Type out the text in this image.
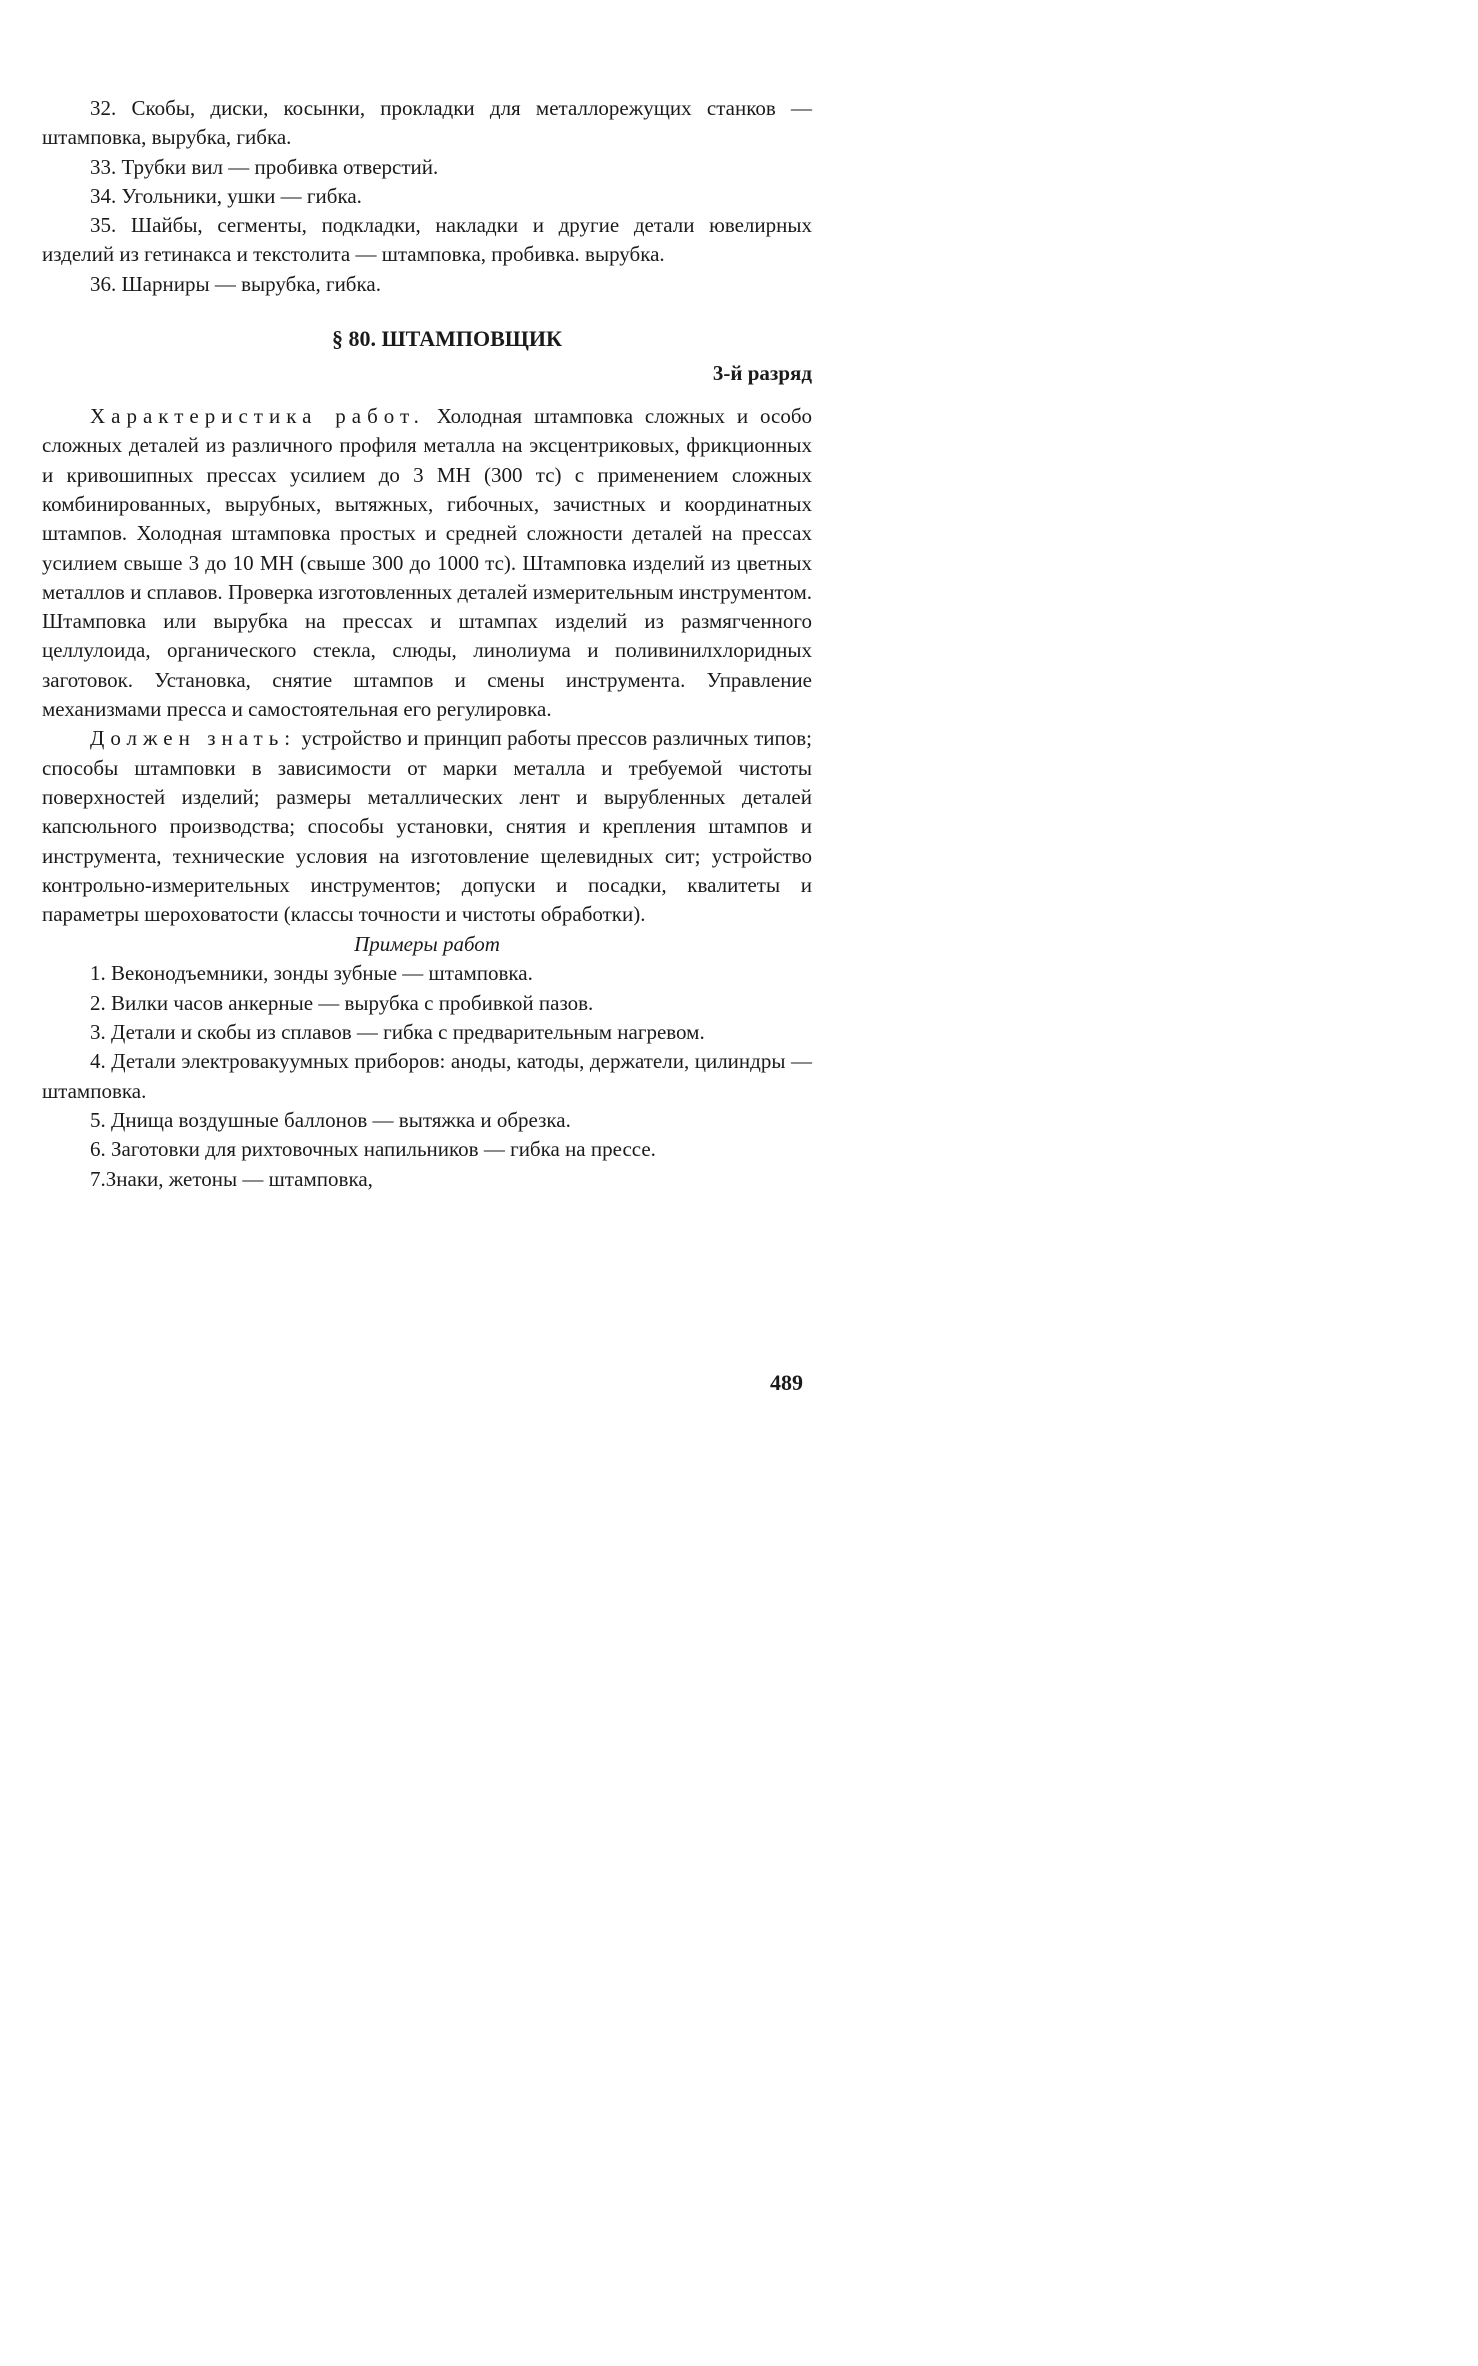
32. Скобы, диски, косынки, прокладки для металлорежущих станков — штамповка, вырубка, гибка.

33. Трубки вил — пробивка отверстий.

34. Угольники, ушки — гибка.

35. Шайбы, сегменты, подкладки, накладки и другие детали ювелирных изделий из гетинакса и текстолита — штамповка, пробивка. вырубка.

36. Шарниры — вырубка, гибка.

§ 80. ШТАМПОВЩИК
3-й разряд

Характеристика работ. Холодная штамповка сложных и особо сложных деталей из различного профиля металла на эксцентриковых, фрикционных и кривошипных прессах усилием до 3 МН (300 тс) с применением сложных комбинированных, вырубных, вытяжных, гибочных, зачистных и координатных штампов. Холодная штамповка простых и средней сложности деталей на прессах усилием свыше 3 до 10 МН (свыше 300 до 1000 тс). Штамповка изделий из цветных металлов и сплавов. Проверка изготовленных деталей измерительным инструментом. Штамповка или вырубка на прессах и штампах изделий из размягченного целлулоида, органического стекла, слюды, линолиума и поливинилхлоридных заготовок. Установка, снятие штампов и смены инструмента. Управление механизмами пресса и самостоятельная его регулировка.

Должен знать: устройство и принцип работы прессов различных типов; способы штамповки в зависимости от марки металла и требуемой чистоты поверхностей изделий; размеры металлических лент и вырубленных деталей капсюльного производства; способы установки, снятия и крепления штампов и инструмента, технические условия на изготовление щелевидных сит; устройство контрольно-измерительных инструментов; допуски и посадки, квалитеты и параметры шероховатости (классы точности и чистоты обработки).

Примеры работ

1. Веконодъемники, зонды зубные — штамповка.

2. Вилки часов анкерные — вырубка с пробивкой пазов.

3. Детали и скобы из сплавов — гибка с предварительным нагревом.

4. Детали электровакуумных приборов: аноды, катоды, держатели, цилиндры — штамповка.

5. Днища воздушные баллонов — вытяжка и обрезка.

6. Заготовки для рихтовочных напильников — гибка на прессе.

7.Знаки, жетоны — штамповка,

489
